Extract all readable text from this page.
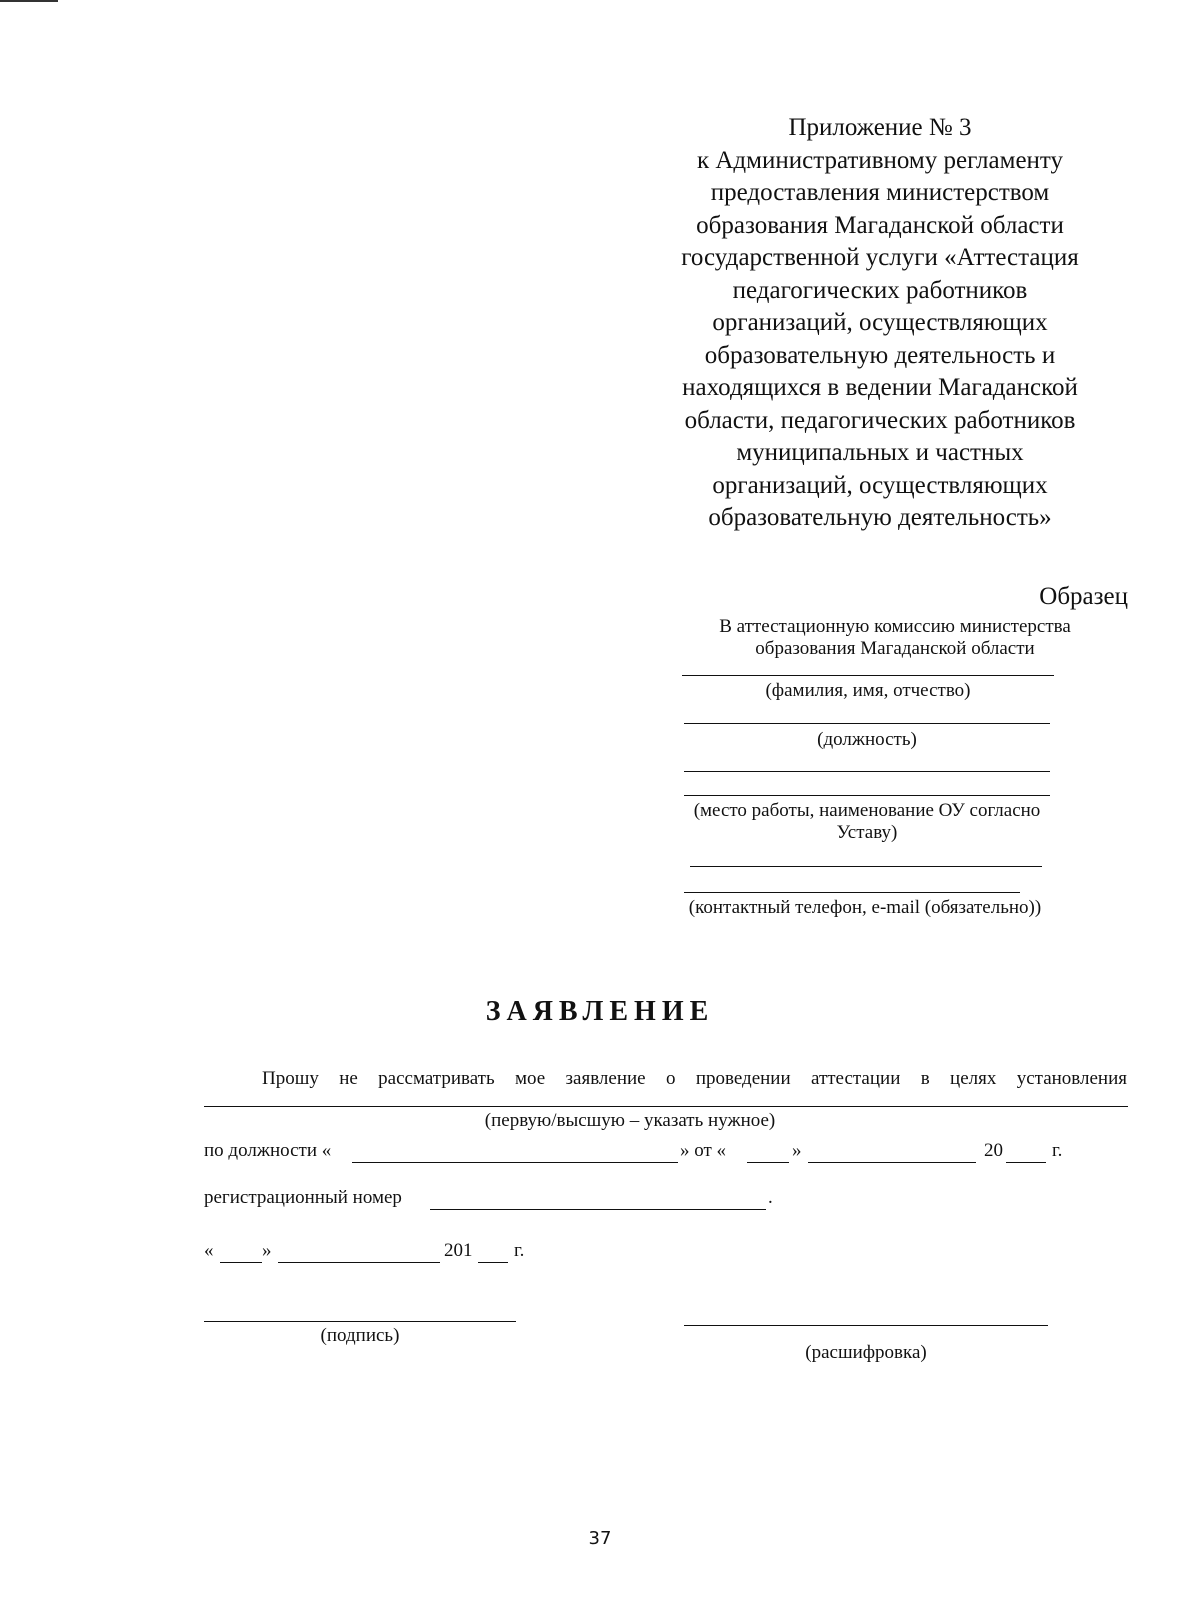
Приложение № 3
к Административному регламенту
предоставления министерством
образования Магаданской области
государственной услуги «Аттестация
педагогических работников
организаций, осуществляющих
образовательную деятельность и
находящихся в ведении Магаданской
области, педагогических работников
муниципальных и частных
организаций, осуществляющих
образовательную деятельность»
Образец
В аттестационную комиссию министерства
образования Магаданской области
(фамилия, имя, отчество)
(должность)
(место работы, наименование ОУ согласно
Уставу)
(контактный телефон, e-mail (обязательно))
ЗАЯВЛЕНИЕ
Прошу не рассматривать мое заявление о проведении аттестации в целях установления
(первую/высшую – указать нужное)
по должности «	» от «	»	20	г.
регистрационный номер	.
«	»	201 г.
(подпись)
(расшифровка)
37
